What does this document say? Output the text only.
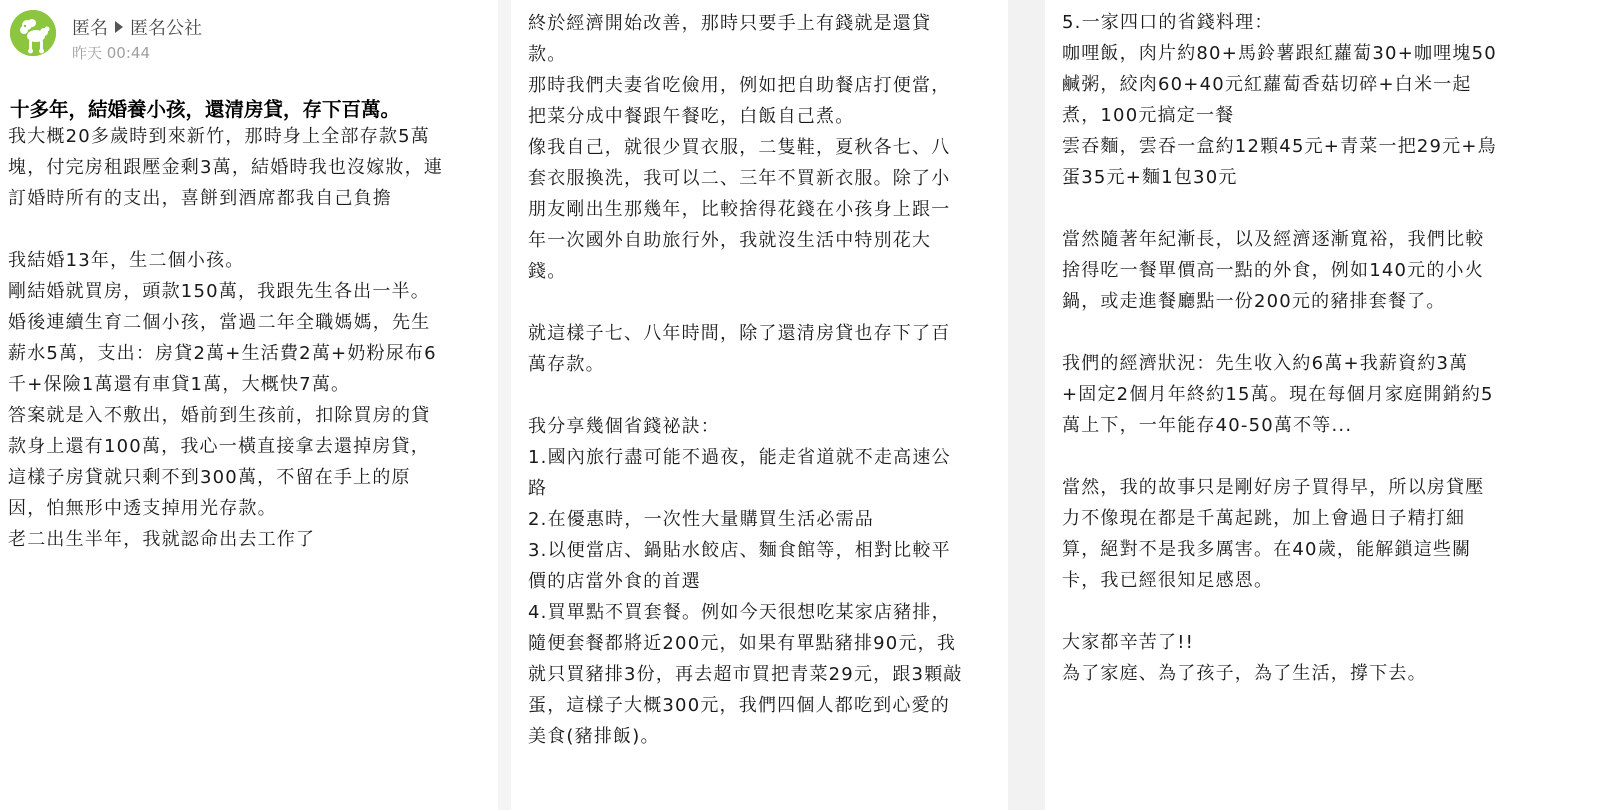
匿名 匿名公社
昨天 00:44
十多年，結婚養小孩，還清房貸，存下百萬。
我大概20多歲時到來新竹，那時身上全部存款5萬
塊，付完房租跟壓金剩3萬，結婚時我也沒嫁妝，連
訂婚時所有的支出，喜餅到酒席都我自己負擔
我結婚13年，生二個小孩。
剛結婚就買房，頭款150萬，我跟先生各出一半。
婚後連續生育二個小孩，當過二年全職媽媽，先生
薪水5萬，支出：房貸2萬+生活費2萬+奶粉尿布6
千+保險1萬還有車貸1萬，大概快7萬。
答案就是入不敷出，婚前到生孩前，扣除買房的貸
款身上還有100萬，我心一橫直接拿去還掉房貸，
這樣子房貸就只剩不到300萬，不留在手上的原
因，怕無形中透支掉用光存款。
老二出生半年，我就認命出去工作了
終於經濟開始改善，那時只要手上有錢就是還貸
款。
那時我們夫妻省吃儉用，例如把自助餐店打便當，
把菜分成中餐跟午餐吃，白飯自己煮。
像我自己，就很少買衣服，二隻鞋，夏秋各七、八
套衣服換洗，我可以二、三年不買新衣服。除了小
朋友剛出生那幾年，比較捨得花錢在小孩身上跟一
年一次國外自助旅行外，我就沒生活中特別花大
錢。
就這樣子七、八年時間，除了還清房貸也存下了百
萬存款。
我分享幾個省錢祕訣：
1.國內旅行盡可能不過夜，能走省道就不走高速公
路
2.在優惠時，一次性大量購買生活必需品
3.以便當店、鍋貼水餃店、麵食館等，相對比較平
價的店當外食的首選
4.買單點不買套餐。例如今天很想吃某家店豬排，
隨便套餐都將近200元，如果有單點豬排90元，我
就只買豬排3份，再去超市買把青菜29元，跟3顆敲
蛋，這樣子大概300元，我們四個人都吃到心愛的
美食(豬排飯)。
5.一家四口的省錢料理：
咖哩飯，肉片約80+馬鈴薯跟紅蘿蔔30+咖哩塊50
鹹粥，絞肉60+40元紅蘿蔔香菇切碎+白米一起
煮，100元搞定一餐
雲吞麵，雲吞一盒約12顆45元+青菜一把29元+鳥
蛋35元+麵1包30元
當然隨著年紀漸長，以及經濟逐漸寬裕，我們比較
捨得吃一餐單價高一點的外食，例如140元的小火
鍋，或走進餐廳點一份200元的豬排套餐了。
我們的經濟狀況：先生收入約6萬+我薪資約3萬
+固定2個月年終約15萬。現在每個月家庭開銷約5
萬上下，一年能存40-50萬不等...
當然，我的故事只是剛好房子買得早，所以房貸壓
力不像現在都是千萬起跳，加上會過日子精打細
算，絕對不是我多厲害。在40歲，能解鎖這些關
卡，我已經很知足感恩。
大家都辛苦了!!
為了家庭、為了孩子，為了生活，撐下去。
